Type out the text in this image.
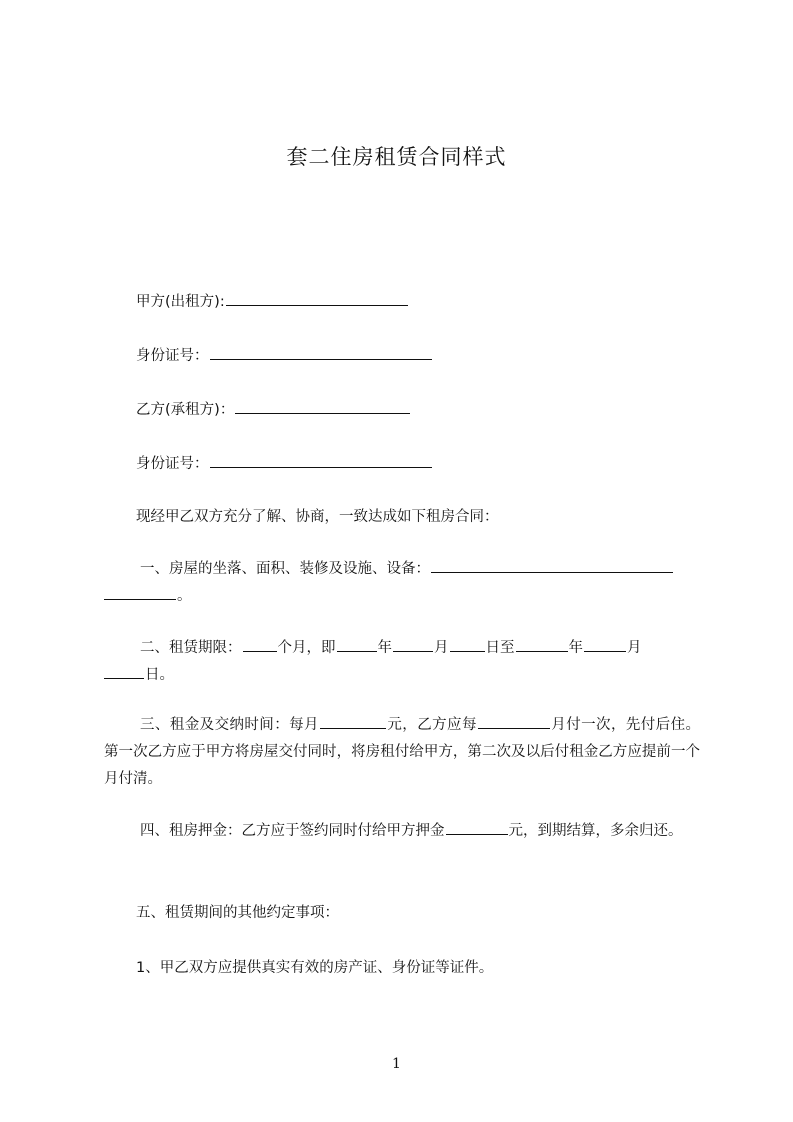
套二住房租赁合同样式
甲方(出租方):
身份证号：
乙方(承租方)：
身份证号：
现经甲乙双方充分了解、协商，一致达成如下租房合同：
一、房屋的坐落、面积、装修及设施、设备：
。
二、租赁期限： 个月，即	年	月	日至	年	月
日。
三、租金及交纳时间：每月	元，乙方应每	月付一次，先付后住。第一次乙方应于甲方将房屋交付同时，将房租付给甲方，第二次及以后付租金乙方应提前一个月付清。
四、租房押金：乙方应于签约同时付给甲方押金	元，到期结算，多余归还。
五、租赁期间的其他约定事项：
1、甲乙双方应提供真实有效的房产证、身份证等证件。
1
